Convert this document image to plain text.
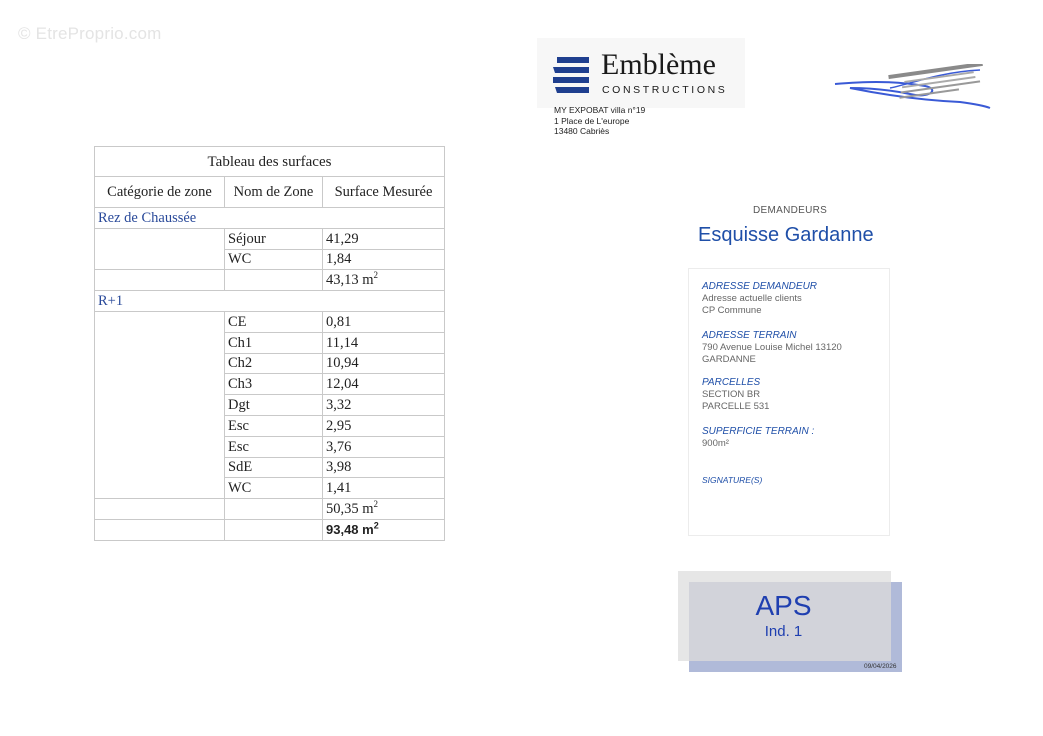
© EtreProprio.com
Emblème
CONSTRUCTIONS
MY EXPOBAT villa n°19
1 Place de L'europe
13480 Cabriès
Tableau des surfaces		
Catégorie de zone	Nom de Zone	Surface Mesurée
Rez de Chaussée		
	Séjour	41,29
	WC	1,84
		43,13 $m^2$
R+1		
	CE	0,81
	Ch1	11,14
	Ch2	10,94
	Ch3	12,04
	Dgt	3,32
	Esc	2,95
	Esc	3,76
	SdE	3,98
	WC	1,41
		50,35 $m^2$
		93,48 $m^2$
DEMANDEURS
Esquisse Gardanne
ADRESSE DEMANDEUR
Adresse actuelle clients
CP Commune
ADRESSE TERRAIN
790 Avenue Louise Michel 13120
GARDANNE
PARCELLES
SECTION BR
PARCELLE 531
SUPERFICIE TERRAIN :
900m²
SIGNATURE(S)
APS
Ind. 1
09/04/2026
